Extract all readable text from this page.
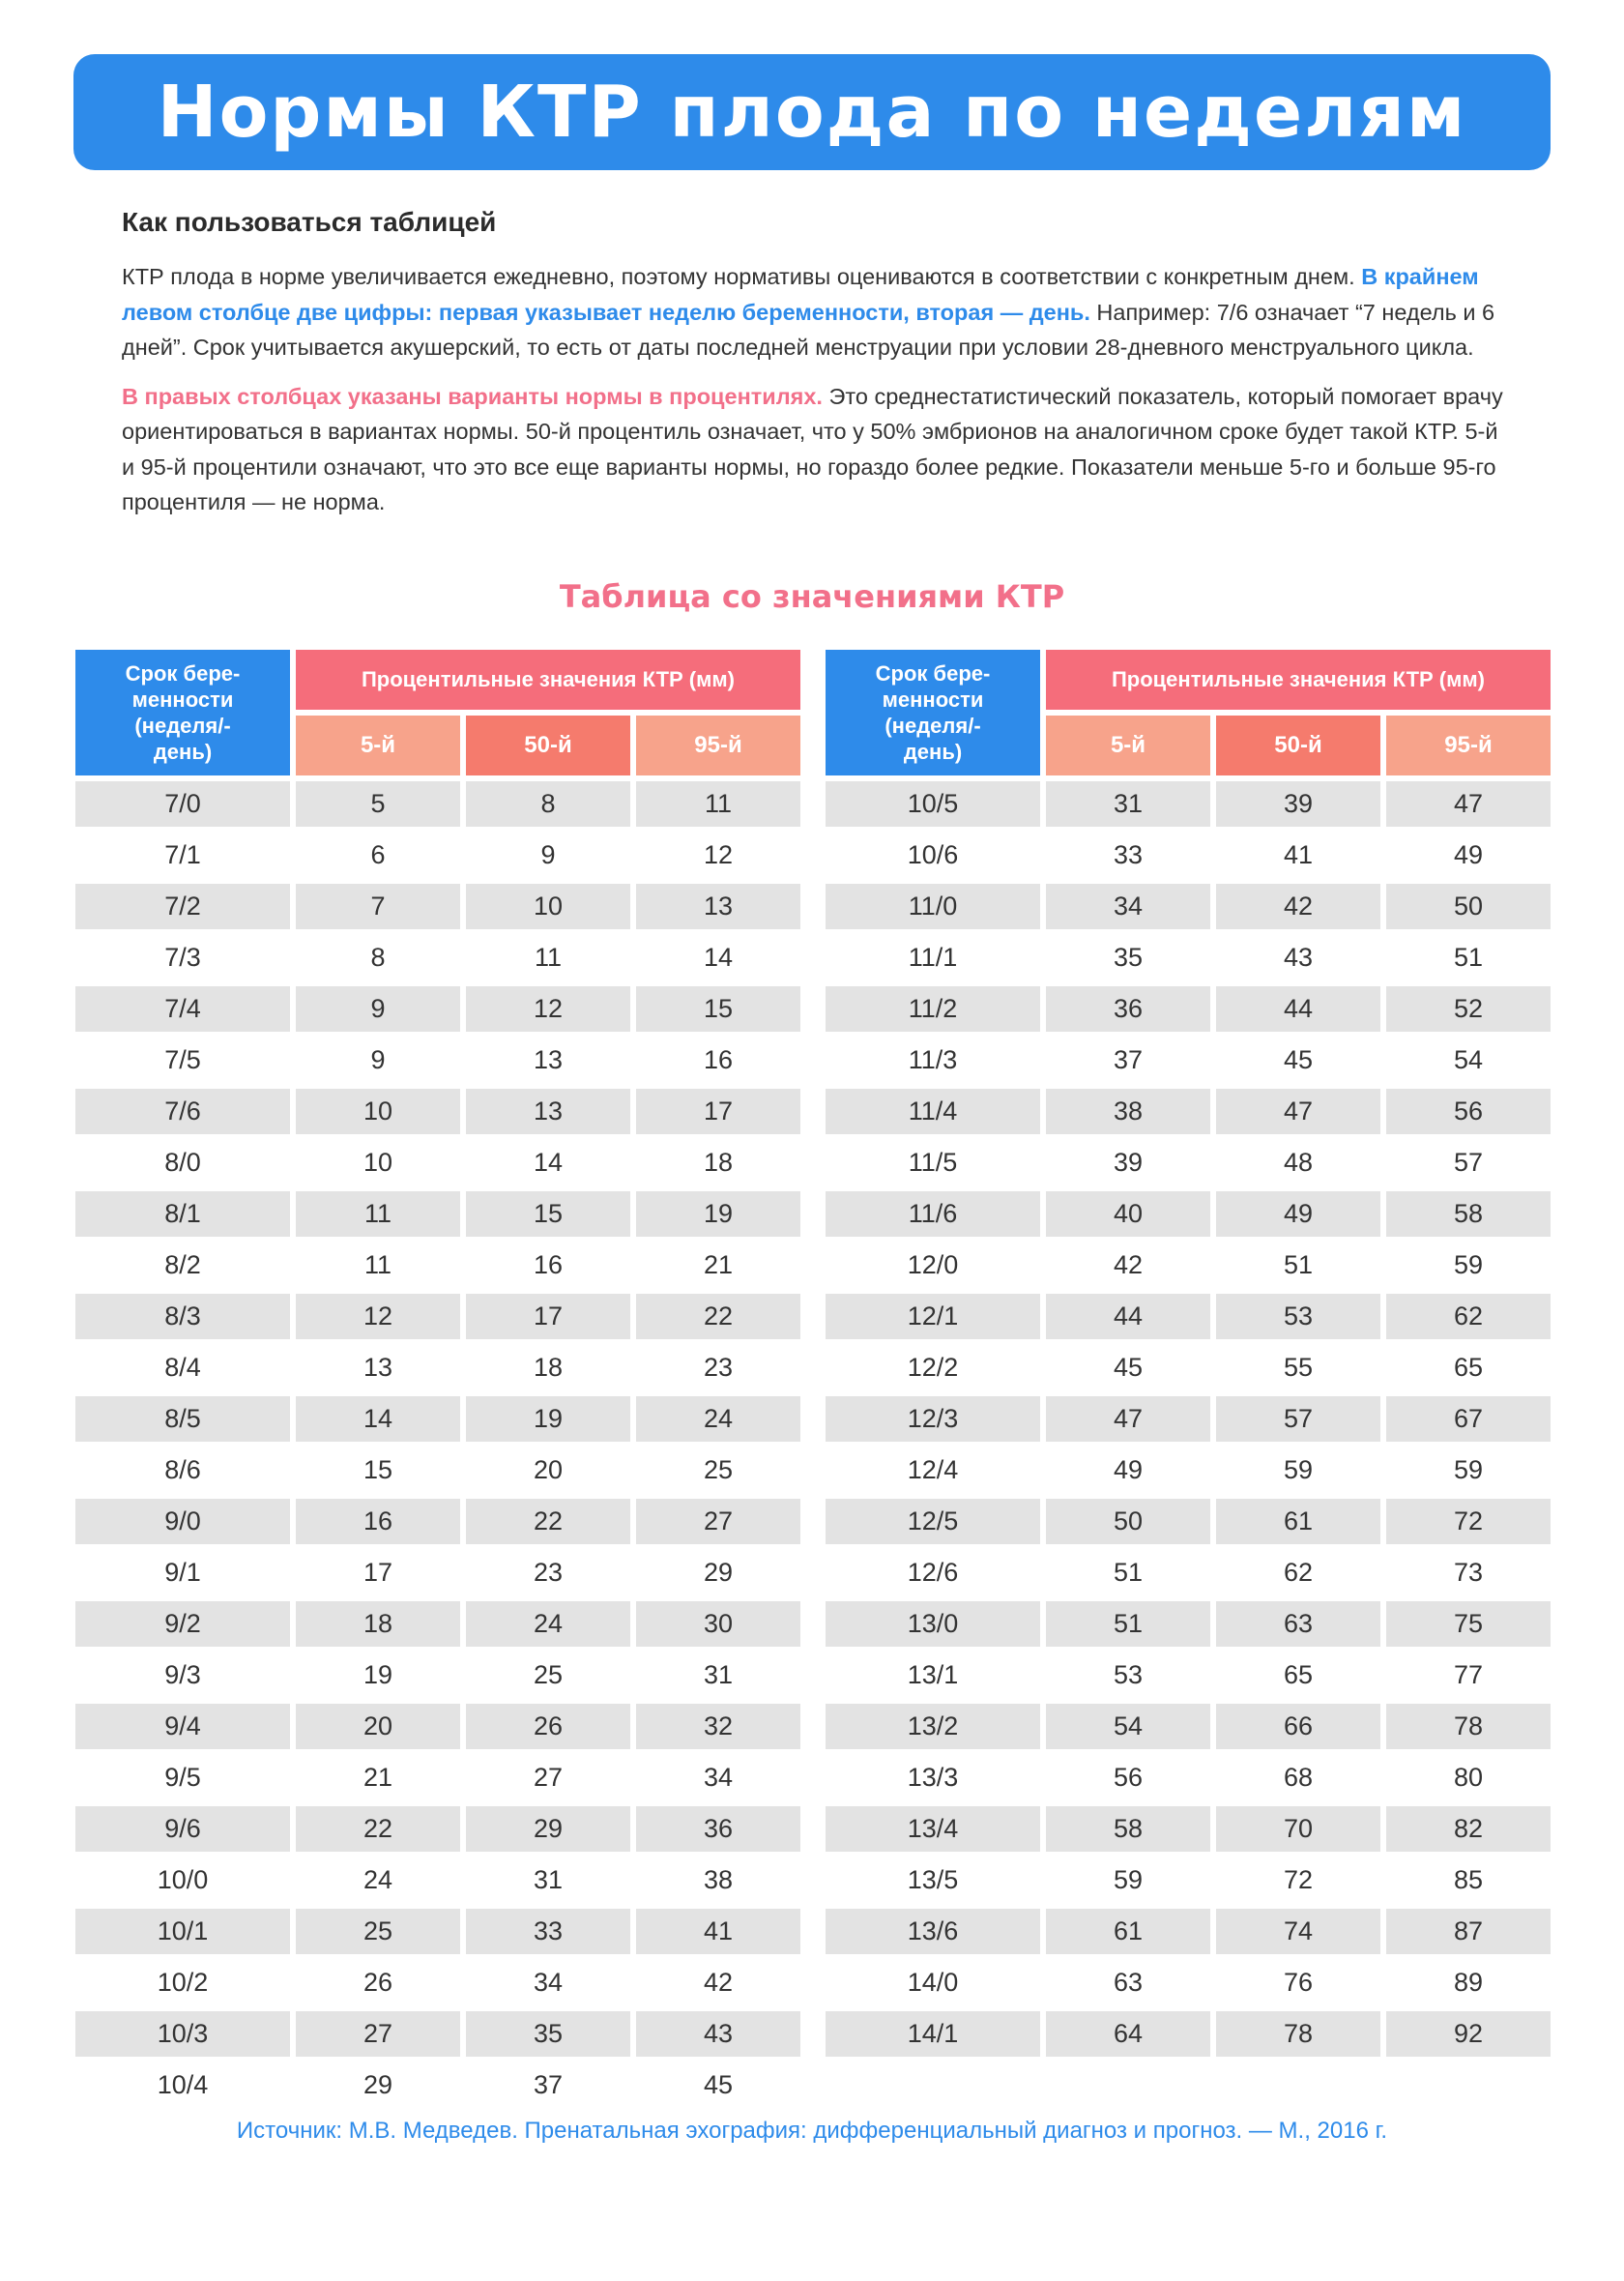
Нормы КТР плода по неделям
Как пользоваться таблицей

КТР плода в норме увеличивается ежедневно, поэтому нормативы оцениваются в соответствии с конкретным днем. В крайнем левом столбце две цифры: первая указывает неделю беременности, вторая — день. Например: 7/6 означает “7 недель и 6 дней”. Срок учитывается акушерский, то есть от даты последней менструации при условии 28-дневного менструального цикла.

В правых столбцах указаны варианты нормы в процентилях. Это среднестатистический показатель, который помогает врачу ориентироваться в вариантах нормы. 50-й процентиль означает, что у 50% эмбрионов на аналогичном сроке будет такой КТР. 5-й и 95-й процентили означают, что это все еще варианты нормы, но гораздо более редкие. Показатели меньше 5-го и больше 95-го процентиля — не норма.

Таблица со значениями КТР
Срок бере-
менности
(неделя/-
день)	Процентильные значения КТР (мм)		
	5-й	50-й	95-й
7/0	5	8	11
7/1	6	9	12
7/2	7	10	13
7/3	8	11	14
7/4	9	12	15
7/5	9	13	16
7/6	10	13	17
8/0	10	14	18
8/1	11	15	19
8/2	11	16	21
8/3	12	17	22
8/4	13	18	23
8/5	14	19	24
8/6	15	20	25
9/0	16	22	27
9/1	17	23	29
9/2	18	24	30
9/3	19	25	31
9/4	20	26	32
9/5	21	27	34
9/6	22	29	36
10/0	24	31	38
10/1	25	33	41
10/2	26	34	42
10/3	27	35	43
10/4	29	37	45
Срок бере-
менности
(неделя/-
день)	Процентильные значения КТР (мм)		
	5-й	50-й	95-й
10/5	31	39	47
10/6	33	41	49
11/0	34	42	50
11/1	35	43	51
11/2	36	44	52
11/3	37	45	54
11/4	38	47	56
11/5	39	48	57
11/6	40	49	58
12/0	42	51	59
12/1	44	53	62
12/2	45	55	65
12/3	47	57	67
12/4	49	59	59
12/5	50	61	72
12/6	51	62	73
13/0	51	63	75
13/1	53	65	77
13/2	54	66	78
13/3	56	68	80
13/4	58	70	82
13/5	59	72	85
13/6	61	74	87
14/0	63	76	89
14/1	64	78	92

Источник: М.В. Медведев. Пренатальная эхография: дифференциальный диагноз и прогноз. — М., 2016 г.
